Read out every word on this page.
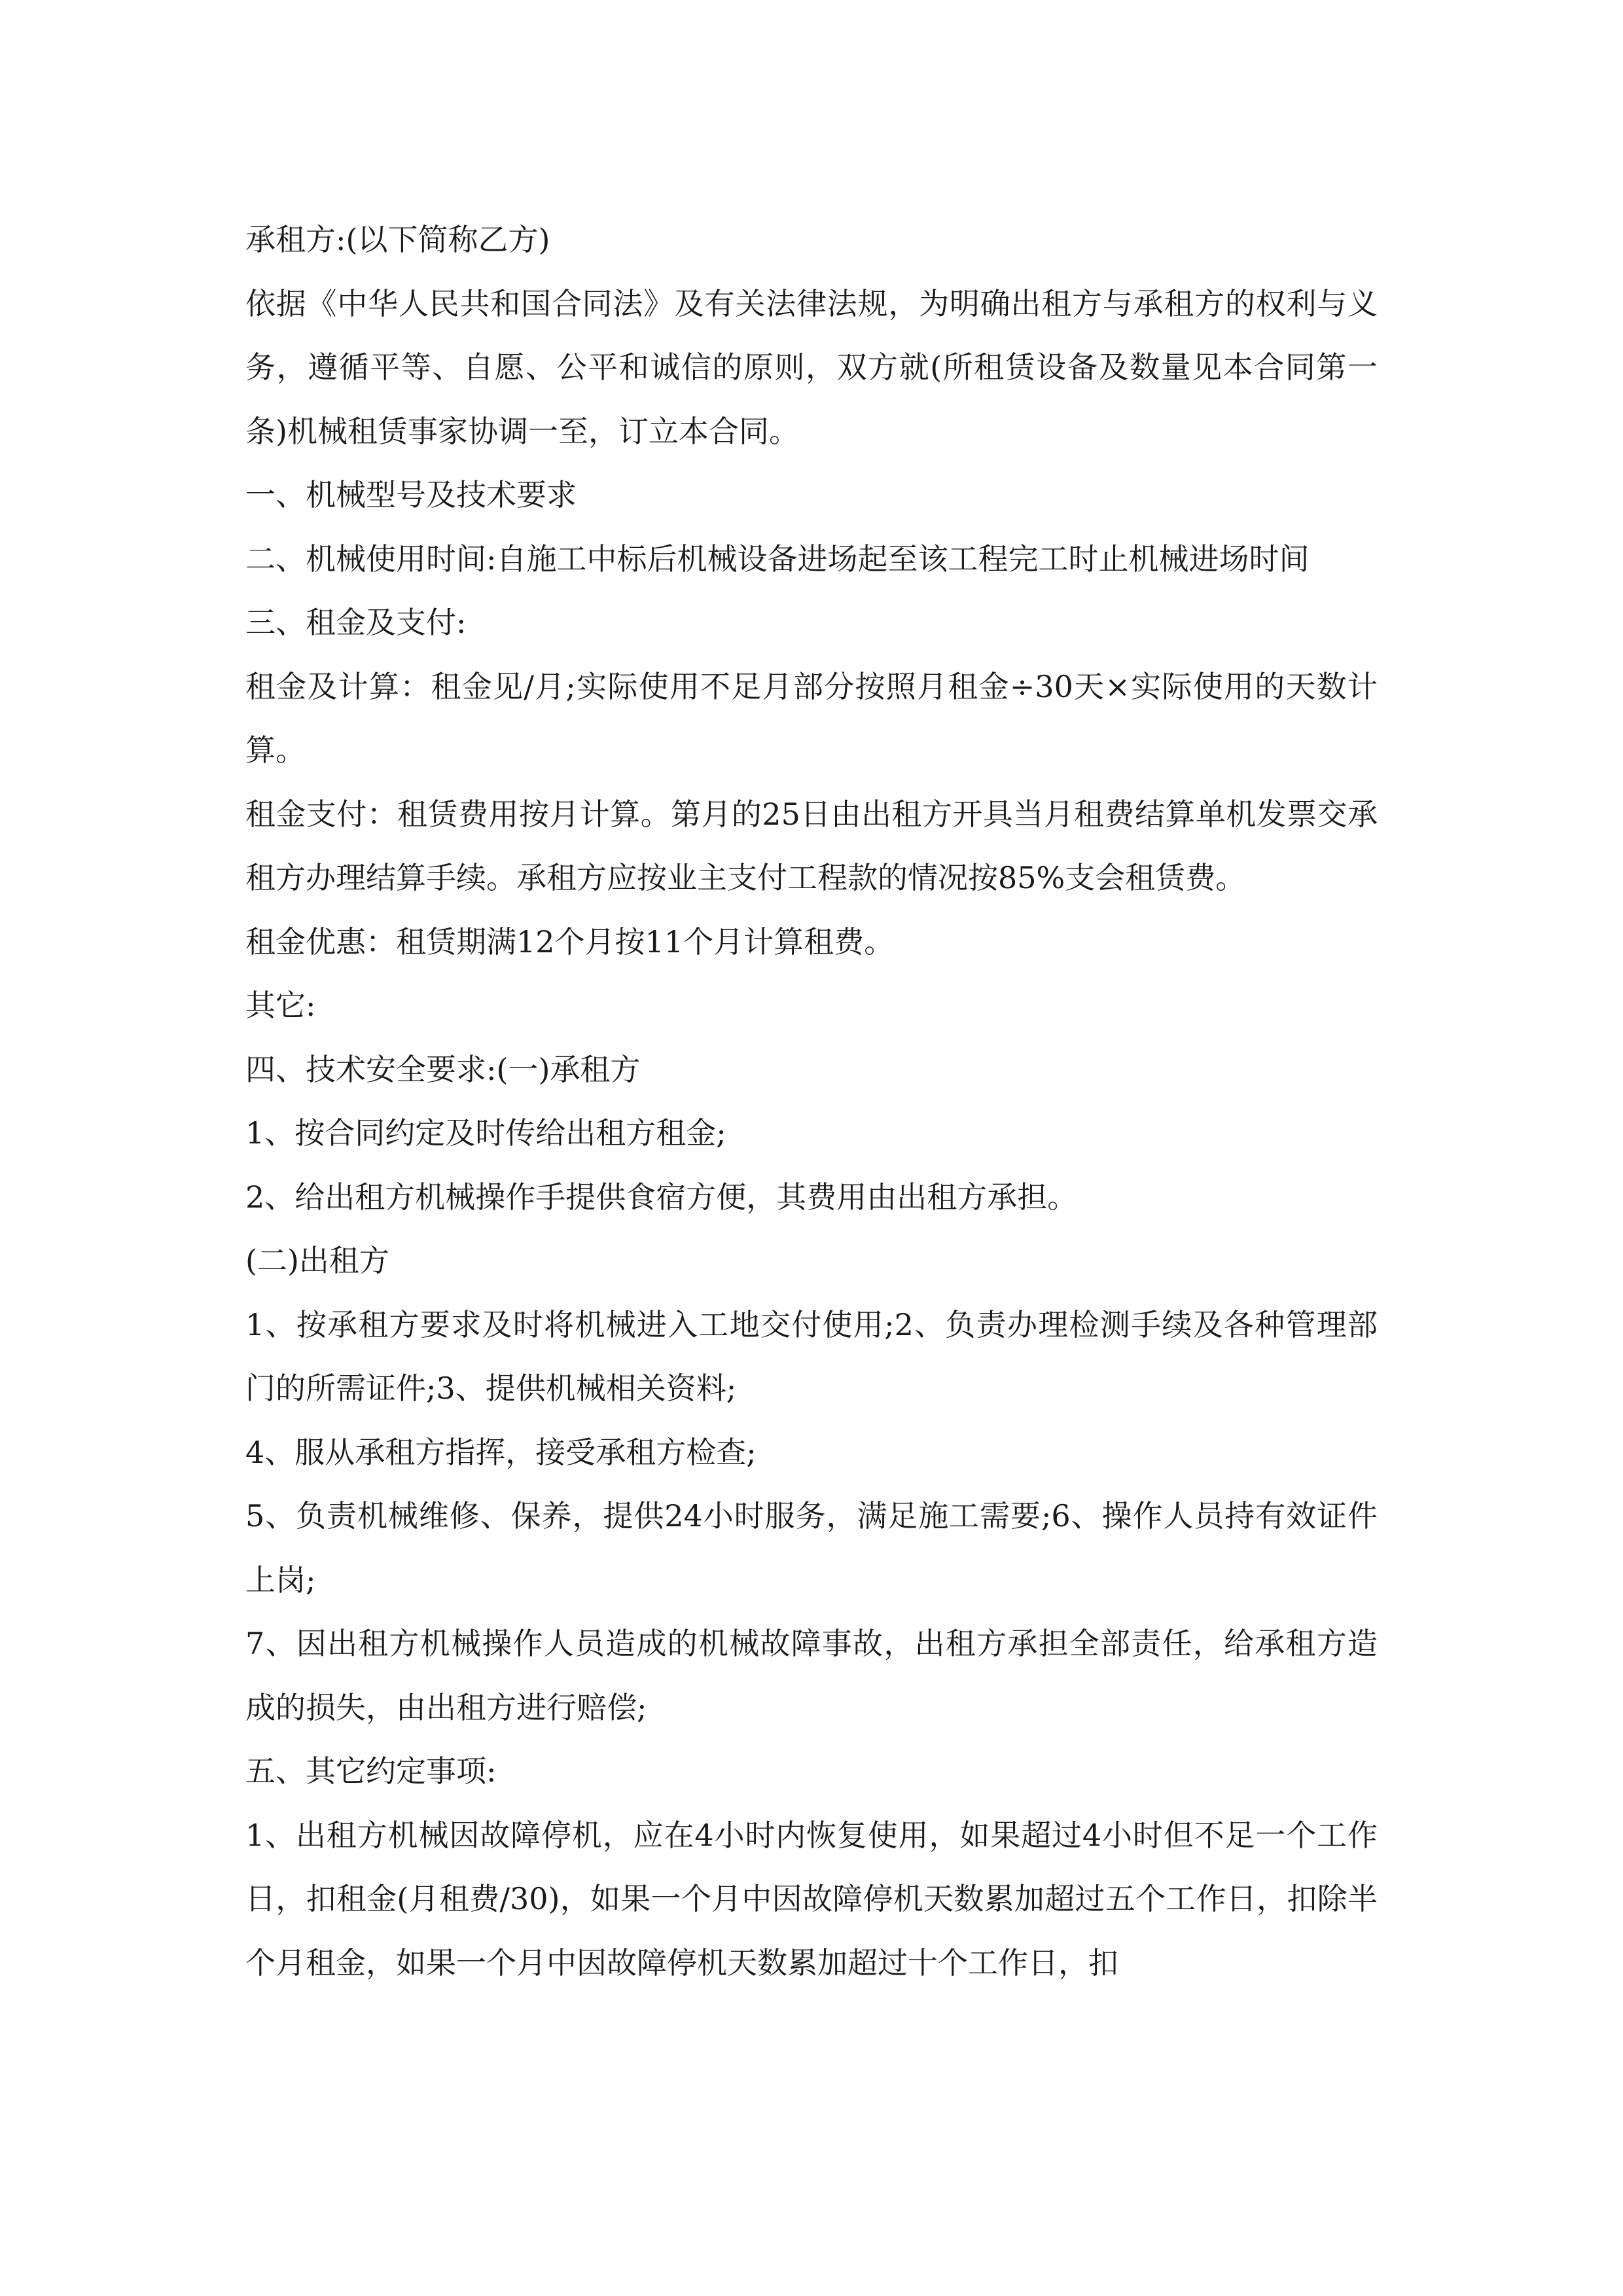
承租方:(以下简称乙方)

依据《中华人民共和国合同法》及有关法律法规，为明确出租方与承租方的权利与义务，遵循平等、自愿、公平和诚信的原则，双方就(所租赁设备及数量见本合同第一条)机械租赁事家协调一至，订立本合同。

一、机械型号及技术要求

二、机械使用时间:自施工中标后机械设备进场起至该工程完工时止机械进场时间

三、租金及支付:

租金及计算：租金见/月;实际使用不足月部分按照月租金÷30天×实际使用的天数计算。

租金支付：租赁费用按月计算。第月的25日由出租方开具当月租费结算单机发票交承租方办理结算手续。承租方应按业主支付工程款的情况按85%支会租赁费。

租金优惠：租赁期满12个月按11个月计算租费。

其它:

四、技术安全要求:(一)承租方

1、按合同约定及时传给出租方租金;

2、给出租方机械操作手提供食宿方便，其费用由出租方承担。

(二)出租方

1、按承租方要求及时将机械进入工地交付使用;2、负责办理检测手续及各种管理部门的所需证件;3、提供机械相关资料;

4、服从承租方指挥，接受承租方检查;

5、负责机械维修、保养，提供24小时服务，满足施工需要;6、操作人员持有效证件上岗;

7、因出租方机械操作人员造成的机械故障事故，出租方承担全部责任，给承租方造成的损失，由出租方进行赔偿;

五、其它约定事项:

1、出租方机械因故障停机，应在4小时内恢复使用，如果超过4小时但不足一个工作日，扣租金(月租费/30)，如果一个月中因故障停机天数累加超过五个工作日，扣除半个月租金，如果一个月中因故障停机天数累加超过十个工作日，扣
